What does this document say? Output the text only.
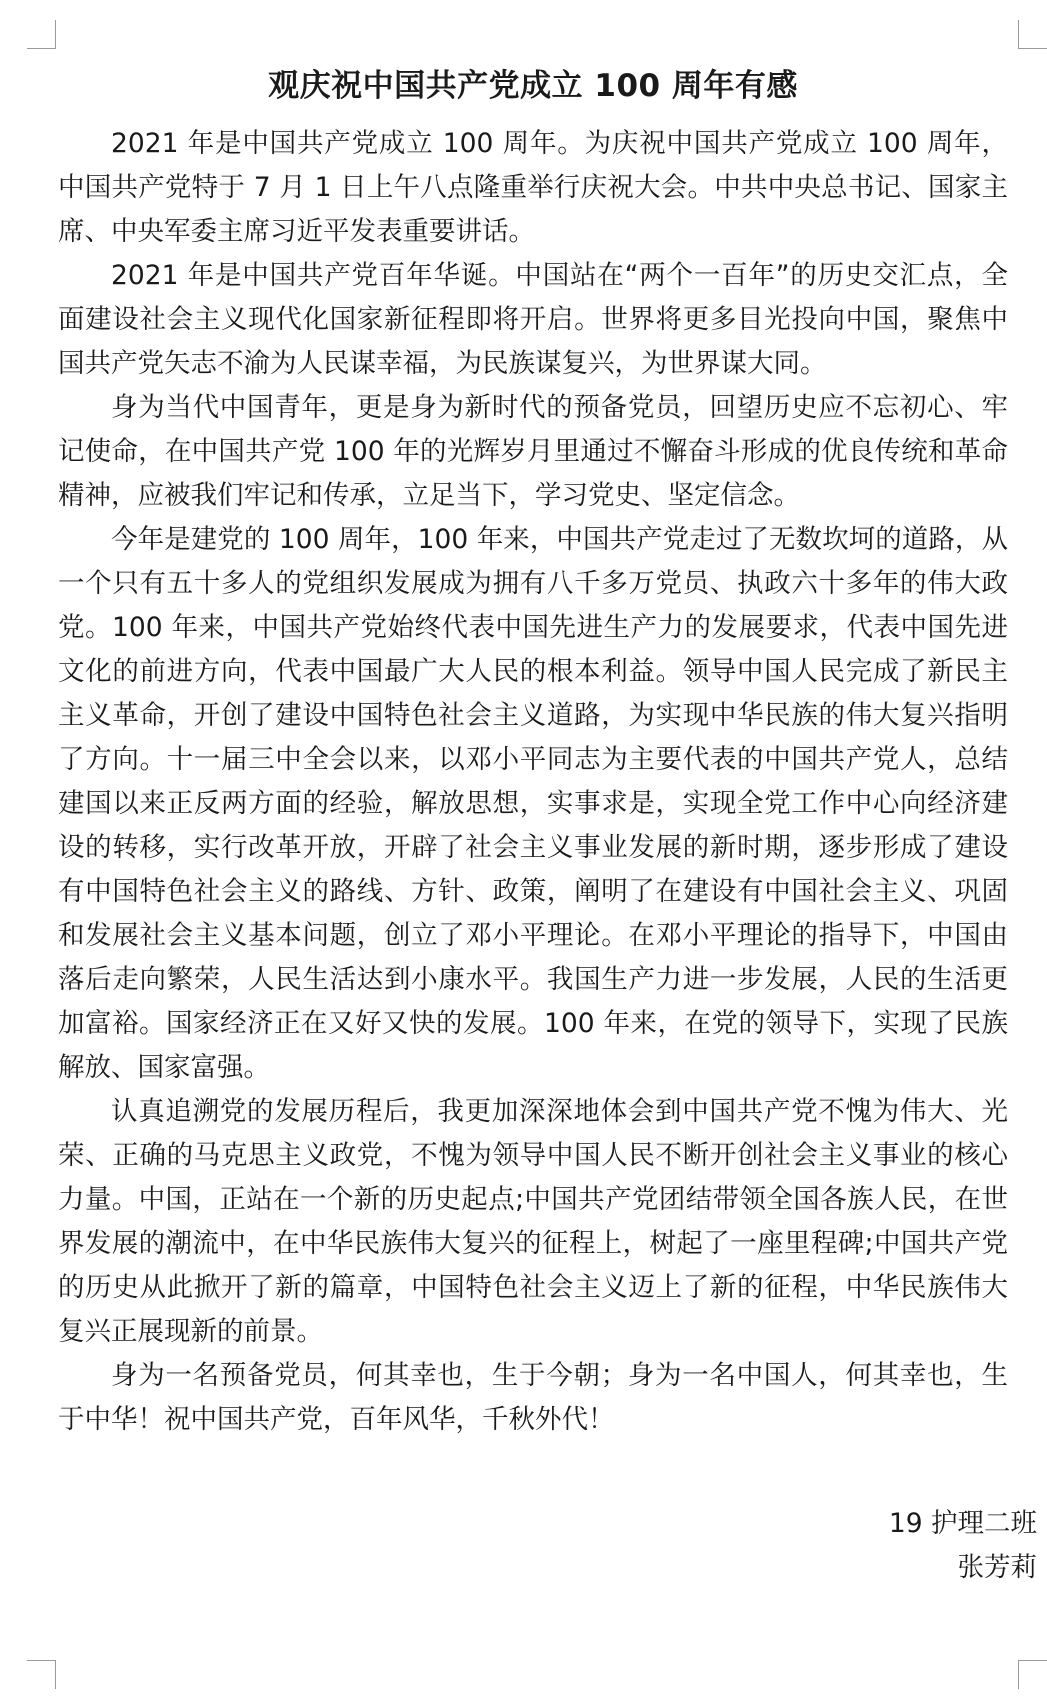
观庆祝中国共产党成立 100 周年有感

2021 年是中国共产党成立 100 周年。为庆祝中国共产党成立 100 周年，中国共产党特于 7 月 1 日上午八点隆重举行庆祝大会。中共中央总书记、国家主席、中央军委主席习近平发表重要讲话。

2021 年是中国共产党百年华诞。中国站在“两个一百年”的历史交汇点，全面建设社会主义现代化国家新征程即将开启。世界将更多目光投向中国，聚焦中国共产党矢志不渝为人民谋幸福，为民族谋复兴，为世界谋大同。

身为当代中国青年，更是身为新时代的预备党员，回望历史应不忘初心、牢记使命，在中国共产党 100 年的光辉岁月里通过不懈奋斗形成的优良传统和革命精神，应被我们牢记和传承，立足当下，学习党史、坚定信念。

今年是建党的 100 周年，100 年来，中国共产党走过了无数坎坷的道路，从一个只有五十多人的党组织发展成为拥有八千多万党员、执政六十多年的伟大政党。100 年来，中国共产党始终代表中国先进生产力的发展要求，代表中国先进文化的前进方向，代表中国最广大人民的根本利益。领导中国人民完成了新民主主义革命，开创了建设中国特色社会主义道路，为实现中华民族的伟大复兴指明了方向。十一届三中全会以来，以邓小平同志为主要代表的中国共产党人，总结建国以来正反两方面的经验，解放思想，实事求是，实现全党工作中心向经济建设的转移，实行改革开放，开辟了社会主义事业发展的新时期，逐步形成了建设有中国特色社会主义的路线、方针、政策，阐明了在建设有中国社会主义、巩固和发展社会主义基本问题，创立了邓小平理论。在邓小平理论的指导下，中国由落后走向繁荣，人民生活达到小康水平。我国生产力进一步发展，人民的生活更加富裕。国家经济正在又好又快的发展。100 年来，在党的领导下，实现了民族解放、国家富强。

认真追溯党的发展历程后，我更加深深地体会到中国共产党不愧为伟大、光荣、正确的马克思主义政党，不愧为领导中国人民不断开创社会主义事业的核心力量。中国，正站在一个新的历史起点;中国共产党团结带领全国各族人民，在世界发展的潮流中，在中华民族伟大复兴的征程上，树起了一座里程碑;中国共产党的历史从此掀开了新的篇章，中国特色社会主义迈上了新的征程，中华民族伟大复兴正展现新的前景。

身为一名预备党员，何其幸也，生于今朝；身为一名中国人，何其幸也，生于中华！祝中国共产党，百年风华，千秋外代！

19 护理二班
张芳莉
